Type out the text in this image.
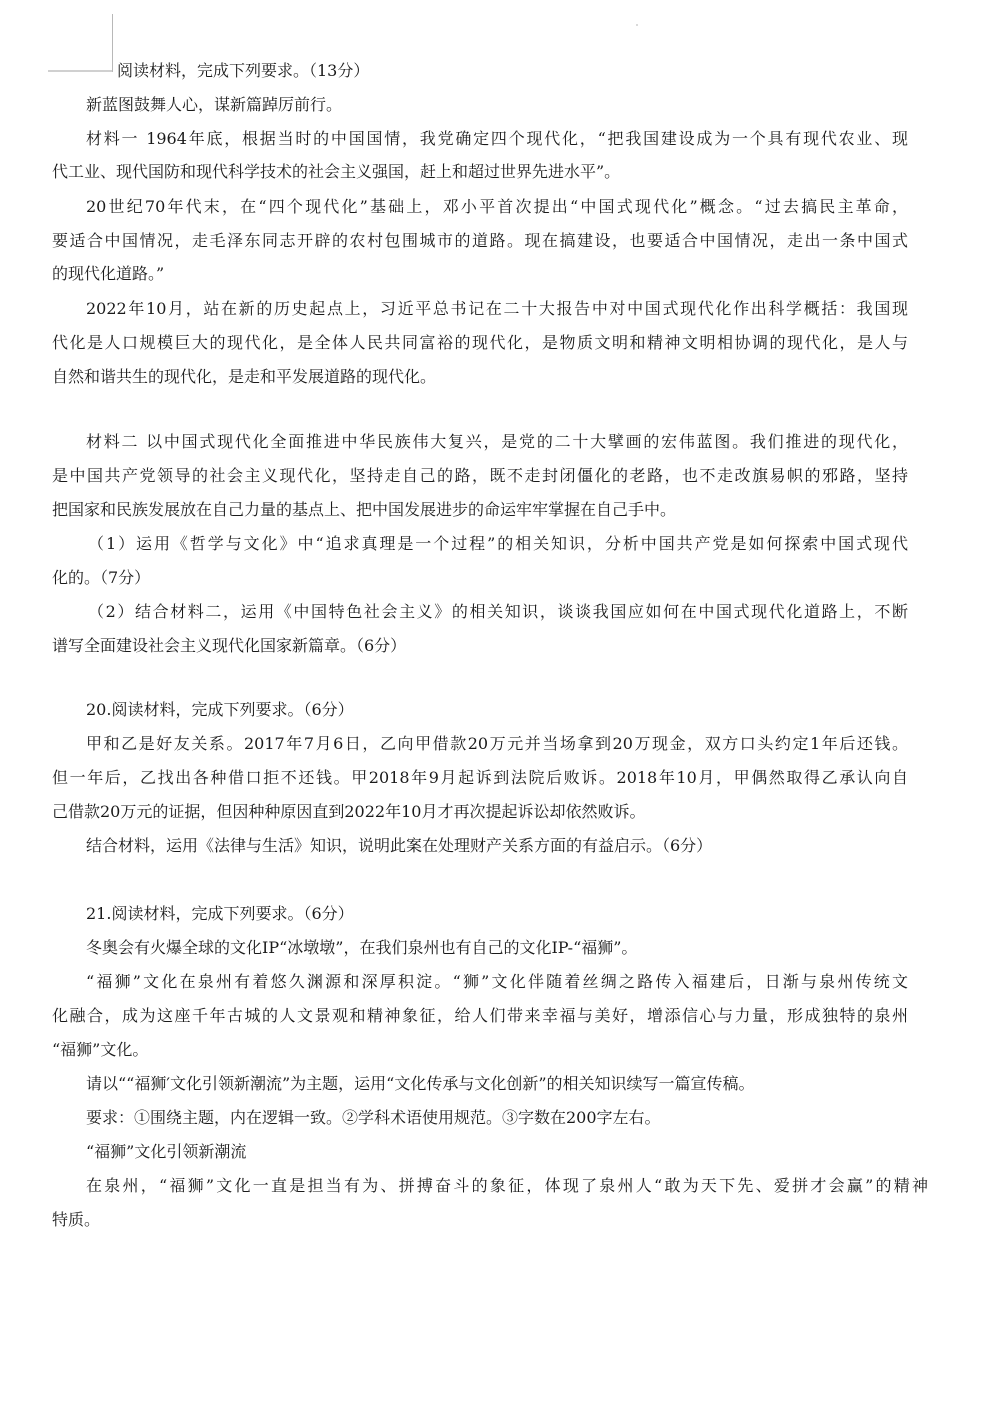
阅读材料，完成下列要求。（13分）
新蓝图鼓舞人心，谋新篇踔厉前行。
材料一 1964年底，根据当时的中国国情，我党确定四个现代化，“把我国建设成为一个具有现代农业、现
代工业、现代国防和现代科学技术的社会主义强国，赶上和超过世界先进水平”。
20世纪70年代末，在“四个现代化”基础上，邓小平首次提出“中国式现代化”概念。“过去搞民主革命，
要适合中国情况，走毛泽东同志开辟的农村包围城市的道路。现在搞建设，也要适合中国情况，走出一条中国式
的现代化道路。”
2022年10月，站在新的历史起点上，习近平总书记在二十大报告中对中国式现代化作出科学概括：我国现
代化是人口规模巨大的现代化，是全体人民共同富裕的现代化，是物质文明和精神文明相协调的现代化，是人与
自然和谐共生的现代化，是走和平发展道路的现代化。
材料二 以中国式现代化全面推进中华民族伟大复兴，是党的二十大擘画的宏伟蓝图。我们推进的现代化，
是中国共产党领导的社会主义现代化，坚持走自己的路，既不走封闭僵化的老路，也不走改旗易帜的邪路，坚持
把国家和民族发展放在自己力量的基点上、把中国发展进步的命运牢牢掌握在自己手中。
（1）运用《哲学与文化》中“追求真理是一个过程”的相关知识，分析中国共产党是如何探索中国式现代
化的。（7分）
（2）结合材料二，运用《中国特色社会主义》的相关知识，谈谈我国应如何在中国式现代化道路上，不断
谱写全面建设社会主义现代化国家新篇章。（6分）
20.阅读材料，完成下列要求。（6分）
甲和乙是好友关系。2017年7月6日，乙向甲借款20万元并当场拿到20万现金，双方口头约定1年后还钱。
但一年后，乙找出各种借口拒不还钱。甲2018年9月起诉到法院后败诉。2018年10月，甲偶然取得乙承认向自
己借款20万元的证据，但因种种原因直到2022年10月才再次提起诉讼却依然败诉。
结合材料，运用《法律与生活》知识，说明此案在处理财产关系方面的有益启示。（6分）
21.阅读材料，完成下列要求。（6分）
冬奥会有火爆全球的文化IP“冰墩墩”，在我们泉州也有自己的文化IP-“福狮”。
“福狮”文化在泉州有着悠久渊源和深厚积淀。“狮”文化伴随着丝绸之路传入福建后，日渐与泉州传统文
化融合，成为这座千年古城的人文景观和精神象征，给人们带来幸福与美好，增添信心与力量，形成独特的泉州
“福狮”文化。
请以““福狮′文化引领新潮流”为主题，运用“文化传承与文化创新”的相关知识续写一篇宣传稿。
要求：①围绕主题，内在逻辑一致。②学科术语使用规范。③字数在200字左右。
“福狮”文化引领新潮流
在泉州，“福狮”文化一直是担当有为、拼搏奋斗的象征，体现了泉州人“敢为天下先、爱拼才会赢”的精神
特质。
